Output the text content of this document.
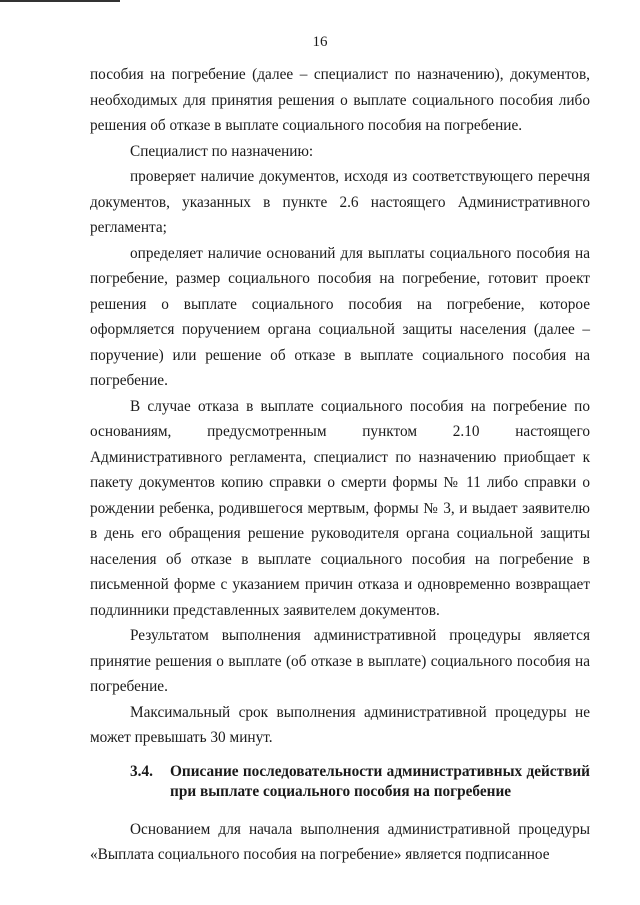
16

пособия на погребение (далее – специалист по назначению), документов, необходимых для принятия решения о выплате социального пособия либо решения об отказе в выплате социального пособия на погребение.

Специалист по назначению:

проверяет наличие документов, исходя из соответствующего перечня документов, указанных в пункте 2.6 настоящего Административного регламента;

определяет наличие оснований для выплаты социального пособия на погребение, размер социального пособия на погребение, готовит проект решения о выплате социального пособия на погребение, которое оформляется поручением органа социальной защиты населения (далее – поручение) или решение об отказе в выплате социального пособия на погребение.

В случае отказа в выплате социального пособия на погребение по основаниям, предусмотренным пунктом 2.10 настоящего Административного регламента, специалист по назначению приобщает к пакету документов копию справки о смерти формы № 11 либо справки о рождении ребенка, родившегося мертвым, формы № 3, и выдает заявителю в день его обращения решение руководителя органа социальной защиты населения об отказе в выплате социального пособия на погребение в письменной форме с указанием причин отказа и одновременно возвращает подлинники представленных заявителем документов.

Результатом выполнения административной процедуры является принятие решения о выплате (об отказе в выплате) социального пособия на погребение.

Максимальный срок выполнения административной процедуры не может превышать 30 минут.

3.4.	Описание последовательности административных действий при выплате социального пособия на погребение

Основанием для начала выполнения административной процедуры «Выплата социального пособия на погребение» является подписанное
